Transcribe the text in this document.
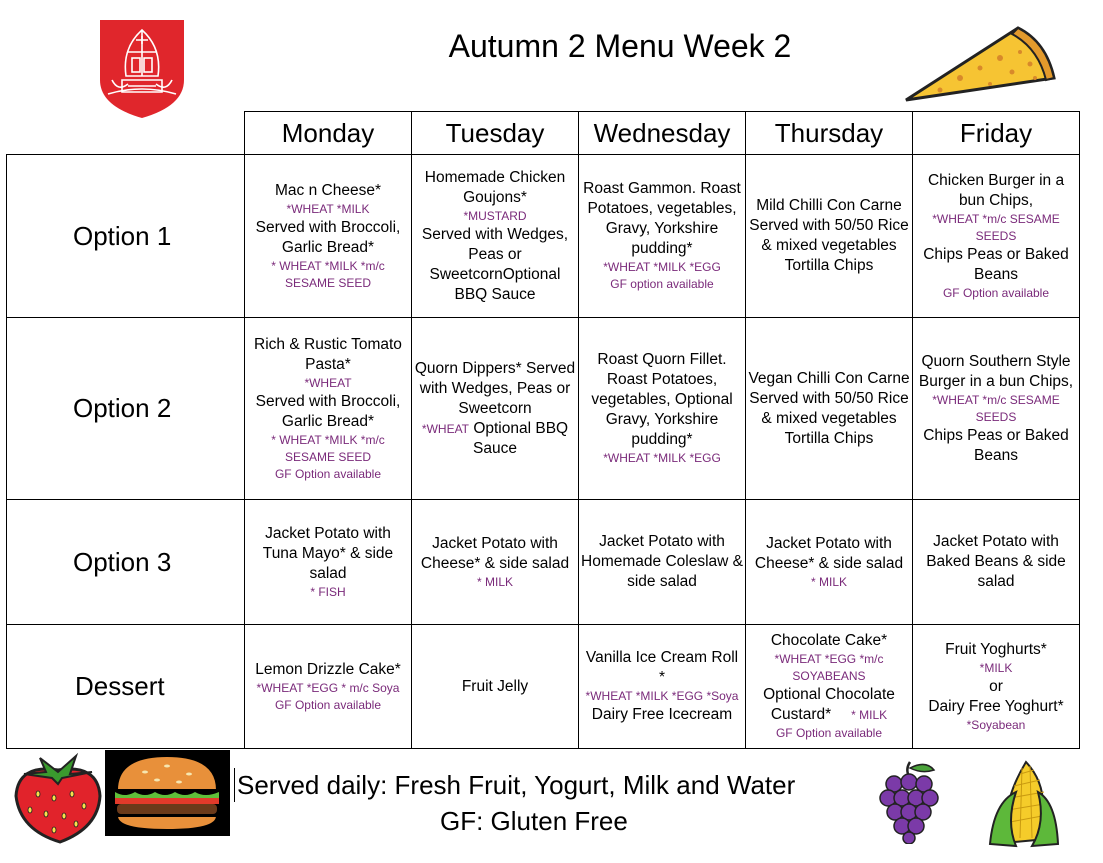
Autumn 2 Menu Week 2
	Monday	Tuesday	Wednesday	Thursday	Friday
Option 1	Mac n Cheese*
*WHEAT *MILK
Served with Broccoli, Garlic Bread*
* WHEAT *MILK *m/c SESAME SEED	Homemade Chicken Goujons*
*MUSTARD
Served with Wedges, Peas or SweetcornOptional BBQ Sauce	Roast Gammon. Roast Potatoes, vegetables, Gravy, Yorkshire pudding*
*WHEAT *MILK *EGG
GF option available	Mild Chilli Con Carne Served with 50/50 Rice & mixed vegetables Tortilla Chips	Chicken Burger in a bun Chips,
*WHEAT *m/c SESAME SEEDS
Chips Peas or Baked Beans
GF Option available

Option 2	Rich & Rustic Tomato Pasta*
*WHEAT
Served with Broccoli, Garlic Bread*
* WHEAT *MILK *m/c SESAME SEED
GF Option available	Quorn Dippers* Served with Wedges, Peas or Sweetcorn
*WHEAT Optional BBQ Sauce	Roast Quorn Fillet. Roast Potatoes, vegetables, Optional Gravy, Yorkshire pudding*
*WHEAT *MILK *EGG	Vegan Chilli Con Carne Served with 50/50 Rice & mixed vegetables Tortilla Chips	Quorn Southern Style Burger in a bun Chips,
*WHEAT *m/c SESAME SEEDS
Chips Peas or Baked Beans

Option 3	Jacket Potato with Tuna Mayo* & side salad
* FISH	Jacket Potato with Cheese* & side salad
* MILK	Jacket Potato with Homemade Coleslaw & side salad	Jacket Potato with Cheese* & side salad
* MILK	Jacket Potato with Baked Beans & side salad

Dessert	Lemon Drizzle Cake*
*WHEAT *EGG * m/c Soya
GF Option available	Fruit Jelly	Vanilla Ice Cream Roll *
*WHEAT *MILK *EGG *Soya
Dairy Free Icecream	Chocolate Cake*
*WHEAT *EGG *m/c SOYABEANS
Optional Chocolate Custard*      * MILK
GF Option available	Fruit Yoghurts*
*MILK
or
Dairy Free Yoghurt*
*Soyabean
Served daily: Fresh Fruit, Yogurt, Milk and Water
GF: Gluten Free
